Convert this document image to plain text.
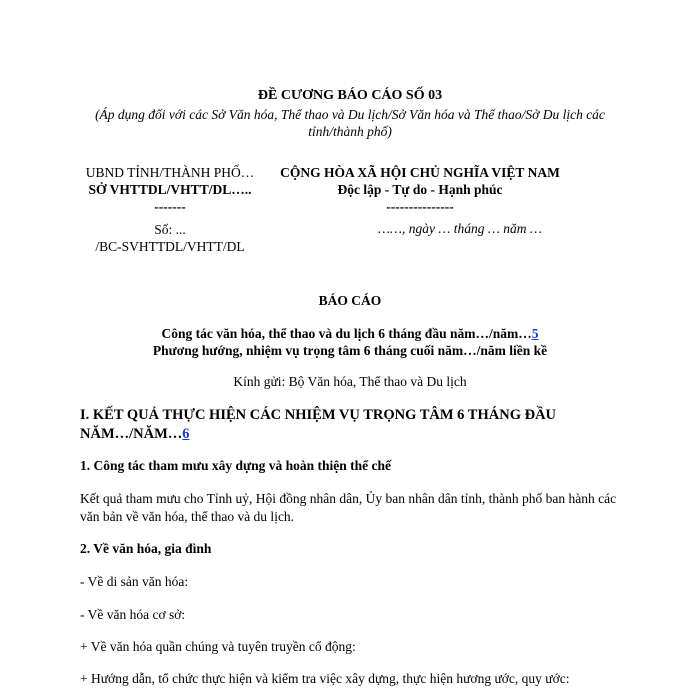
ĐỀ CƯƠNG BÁO CÁO SỐ 03
(Áp dụng đối với các Sở Văn hóa, Thể thao và Du lịch/Sở Văn hóa và Thể thao/Sở Du lịch các tỉnh/thành phố)
UBND TỈNH/THÀNH PHỐ…
SỞ VHTTDL/VHTT/DL…..
-------
Số: ...
/BC-SVHTTDL/VHTT/DL
CỘNG HÒA XÃ HỘI CHỦ NGHĨA VIỆT NAM
Độc lập - Tự do - Hạnh phúc
---------------
……, ngày … tháng … năm …
BÁO CÁO
Công tác văn hóa, thể thao và du lịch 6 tháng đầu năm…/năm…5
Phương hướng, nhiệm vụ trọng tâm 6 tháng cuối năm…/năm liền kề
Kính gửi: Bộ Văn hóa, Thể thao và Du lịch
I. KẾT QUẢ THỰC HIỆN CÁC NHIỆM VỤ TRỌNG TÂM 6 THÁNG ĐẦU
NĂM…/NĂM…6
1. Công tác tham mưu xây dựng và hoàn thiện thể chế
Kết quả tham mưu cho Tỉnh uỷ, Hội đồng nhân dân, Ủy ban nhân dân tỉnh, thành phố ban hành các văn bản về văn hóa, thể thao và du lịch.
2. Về văn hóa, gia đình
- Về di sản văn hóa:
- Về văn hóa cơ sở:
+ Về văn hóa quần chúng và tuyên truyền cổ động:
+ Hướng dẫn, tổ chức thực hiện và kiểm tra việc xây dựng, thực hiện hương ước, quy ước:
